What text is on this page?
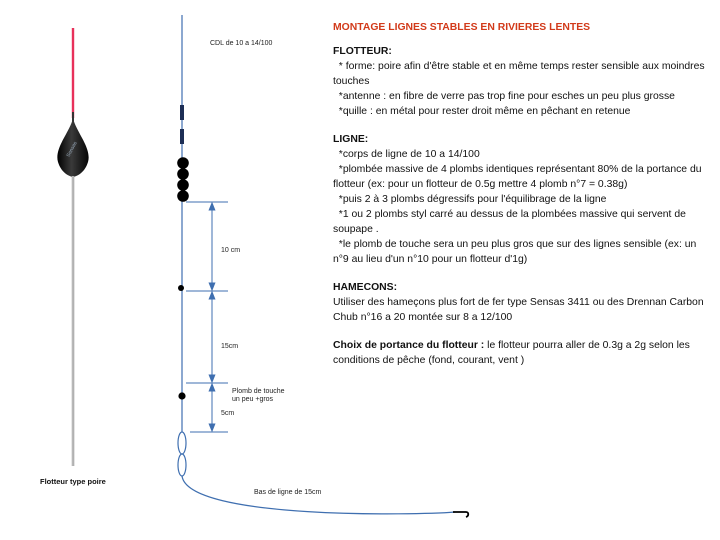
Sensas
CDL de 10 a 14/100
10 cm
15cm
5cm
Plomb de touche
un peu +gros
Bas de ligne de 15cm
Flotteur type poire
MONTAGE LIGNES STABLES EN RIVIERES LENTES
FLOTTEUR:

* forme: poire afin d'être stable et en même temps rester sensible aux moindres touches

*antenne : en fibre de verre pas trop fine pour esches un peu plus grosse

*quille : en métal pour rester droit même en pêchant en retenue

LIGNE:

*corps de ligne de 10 a 14/100

*plombée massive de 4 plombs identiques représentant 80% de la portance du flotteur (ex: pour un flotteur de 0.5g mettre 4 plomb n°7 = 0.38g)

*puis 2 à 3 plombs dégressifs pour l'équilibrage de la ligne

*1 ou 2 plombs styl carré au dessus de la plombées massive qui servent de soupape .

*le plomb de touche sera un peu plus gros que sur des lignes sensible (ex: un n°9 au lieu d'un n°10 pour un flotteur d'1g)

HAMECONS:

Utiliser des hameçons plus fort de fer type Sensas 3411 ou des Drennan Carbon Chub n°16 a 20 montée sur 8 a 12/100

Choix de portance du flotteur : le flotteur pourra aller de 0.3g a 2g selon les conditions de pêche (fond, courant, vent )
